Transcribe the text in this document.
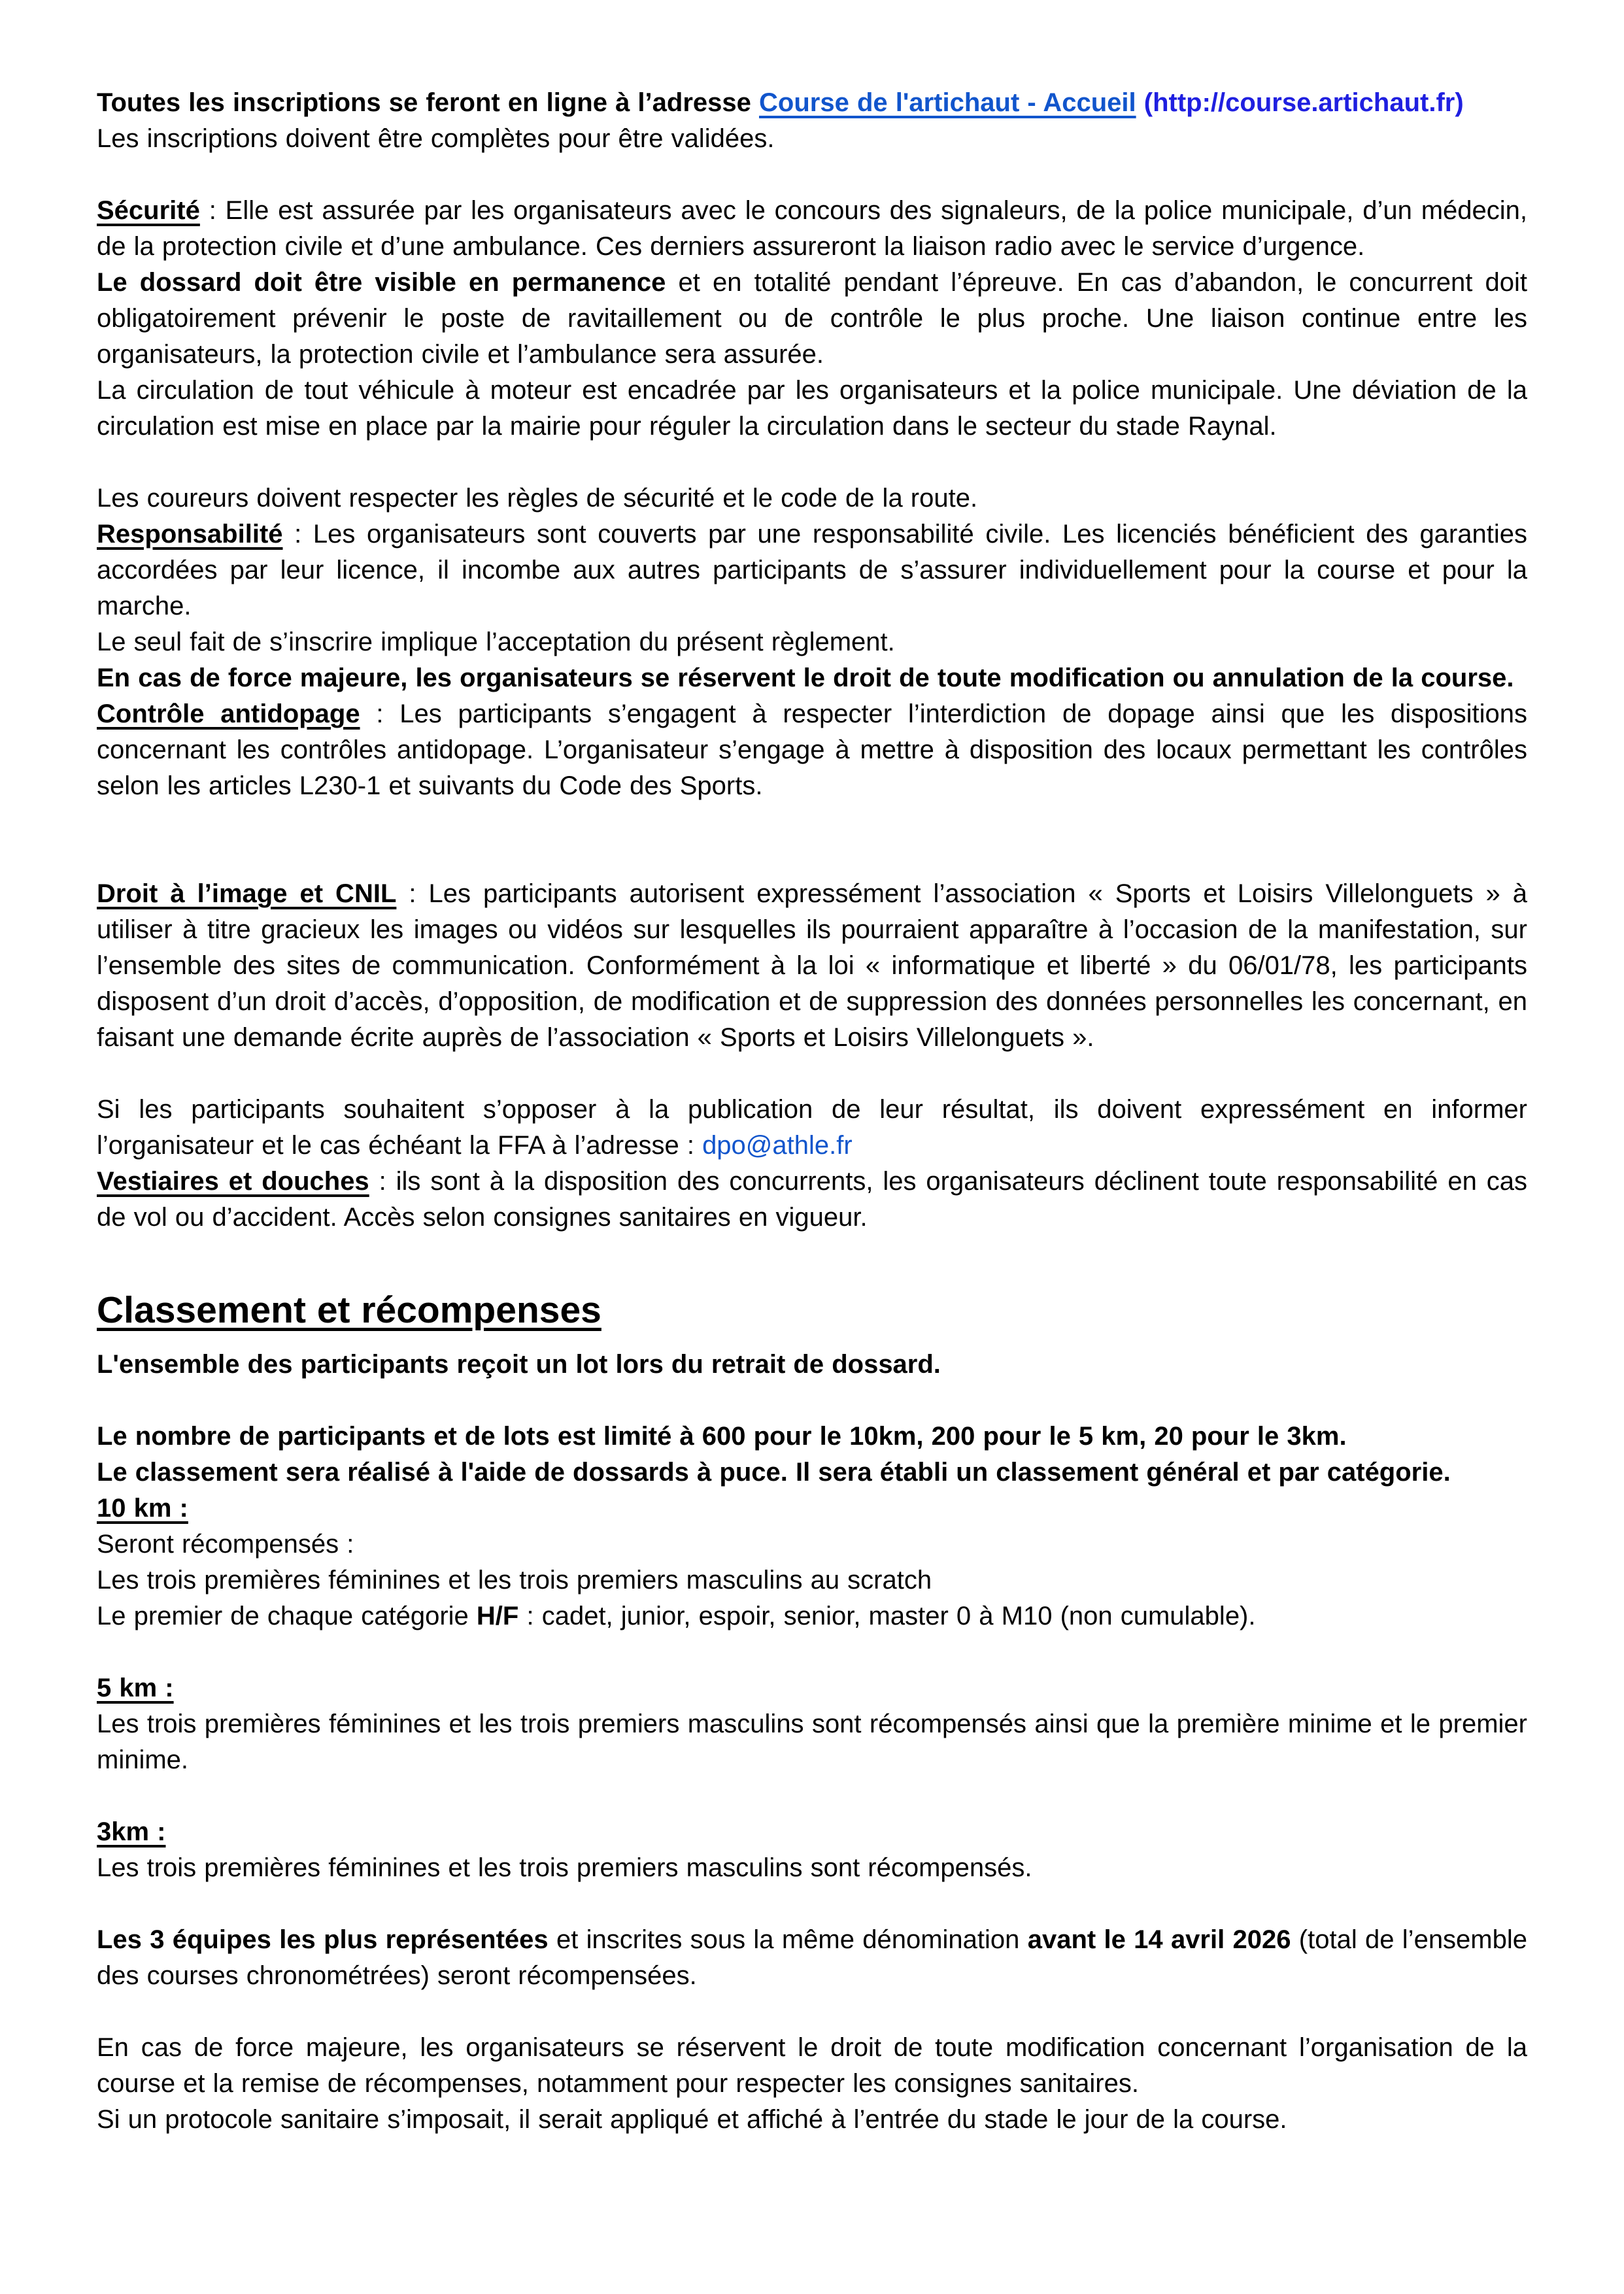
Toutes les inscriptions se feront en ligne à l’adresse Course de l'artichaut - Accueil (http://course.artichaut.fr)

Les inscriptions doivent être complètes pour être validées.

Sécurité : Elle est assurée par les organisateurs avec le concours des signaleurs, de la police municipale, d’un médecin, de la protection civile et d’une ambulance. Ces derniers assureront la liaison radio avec le service d’urgence.

Le dossard doit être visible en permanence et en totalité pendant l’épreuve. En cas d’abandon, le concurrent doit obligatoirement prévenir le poste de ravitaillement ou de contrôle le plus proche. Une liaison continue entre les organisateurs, la protection civile et l’ambulance sera assurée.

La circulation de tout véhicule à moteur est encadrée par les organisateurs et la police municipale. Une déviation de la circulation est mise en place par la mairie pour réguler la circulation dans le secteur du stade Raynal.

Les coureurs doivent respecter les règles de sécurité et le code de la route.

Responsabilité : Les organisateurs sont couverts par une responsabilité civile. Les licenciés bénéficient des garanties accordées par leur licence, il incombe aux autres participants de s’assurer individuellement pour la course et pour la marche.

Le seul fait de s’inscrire implique l’acceptation du présent règlement.

En cas de force majeure, les organisateurs se réservent le droit de toute modification ou annulation de la course.

Contrôle antidopage : Les participants s’engagent à respecter l’interdiction de dopage ainsi que les dispositions concernant les contrôles antidopage. L’organisateur s’engage à mettre à disposition des locaux permettant les contrôles selon les articles L230-1 et suivants du Code des Sports.

Droit à l’image et CNIL : Les participants autorisent expressément l’association « Sports et Loisirs Villelonguets » à utiliser à titre gracieux les images ou vidéos sur lesquelles ils pourraient apparaître à l’occasion de la manifestation, sur l’ensemble des sites de communication. Conformément à la loi « informatique et liberté » du 06/01/78, les participants disposent d’un droit d’accès, d’opposition, de modification et de suppression des données personnelles les concernant, en faisant une demande écrite auprès de l’association « Sports et Loisirs Villelonguets ».

Si les participants souhaitent s’opposer à la publication de leur résultat, ils doivent expressément en informer l’organisateur et le cas échéant la FFA à l’adresse : dpo@athle.fr

Vestiaires et douches : ils sont à la disposition des concurrents, les organisateurs déclinent toute responsabilité en cas de vol ou d’accident. Accès selon consignes sanitaires en vigueur.

Classement et récompenses

L'ensemble des participants reçoit un lot lors du retrait de dossard.

Le nombre de participants et de lots est limité à 600 pour le 10km, 200 pour le 5 km, 20 pour le 3km.

Le classement sera réalisé à l'aide de dossards à puce. Il sera établi un classement général et par catégorie.

10 km :

Seront récompensés :

Les trois premières féminines et les trois premiers masculins au scratch

Le premier de chaque catégorie H/F : cadet, junior, espoir, senior, master 0 à M10 (non cumulable).

5 km :

Les trois premières féminines et les trois premiers masculins sont récompensés ainsi que la première minime et le premier minime.

3km :

Les trois premières féminines et les trois premiers masculins sont récompensés.

Les 3 équipes les plus représentées et inscrites sous la même dénomination avant le 14 avril 2026 (total de l’ensemble des courses chronométrées) seront récompensées.

En cas de force majeure, les organisateurs se réservent le droit de toute modification concernant l’organisation de la course et la remise de récompenses, notamment pour respecter les consignes sanitaires.

Si un protocole sanitaire s’imposait, il serait appliqué et affiché à l’entrée du stade le jour de la course.
